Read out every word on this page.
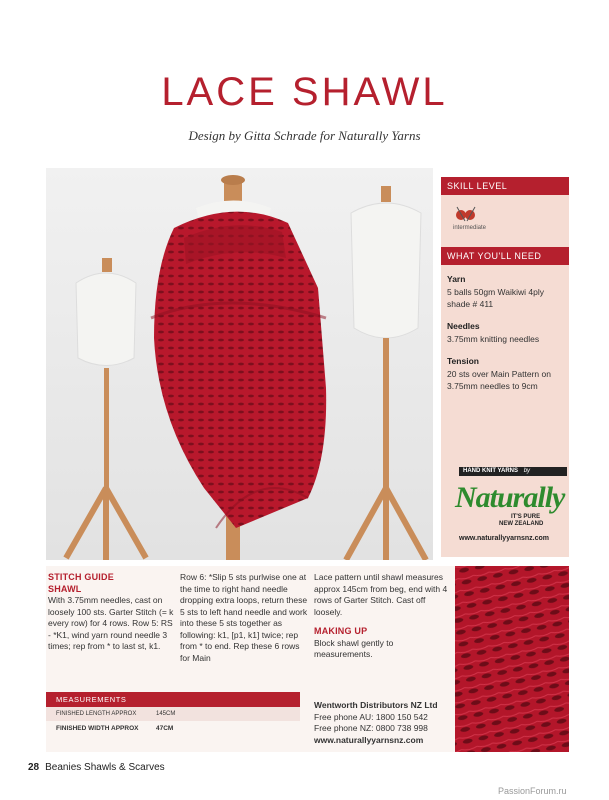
LACE SHAWL
Design by Gitta Schrade for Naturally Yarns
SKILL LEVEL
intermediate
WHAT YOU'LL NEED
Yarn
5 balls 50gm Waikiwi 4ply shade # 411
Needles
3.75mm knitting needles
Tension
20 sts over Main Pattern on 3.75mm needles to 9cm
HAND KNIT YARNS by
Naturally
IT'S PURE
NEW ZEALAND
www.naturallyyarnsnz.com
STITCH GUIDE
SHAWL
With 3.75mm needles, cast on loosely 100 sts. Garter Stitch (= k every row) for 4 rows. Row 5: RS - *K1, wind yarn round needle 3 times; rep from * to last st, k1.
Row 6: *Slip 5 sts purlwise one at the time to right hand needle dropping extra loops, return these 5 sts to left hand needle and work into these 5 sts together as following: k1, [p1, k1] twice; rep from * to end. Rep these 6 rows for Main
Lace pattern until shawl measures approx 145cm from beg, end with 4 rows of Garter Stitch. Cast off loosely.
MAKING UP
Block shawl gently to measurements.
MEASUREMENTS
FINISHED LENGTH APPROX	145CM
FINISHED WIDTH APPROX	47CM
Wentworth Distributors NZ Ltd
Free phone AU: 1800 150 542
Free phone NZ: 0800 738 998
www.naturallyyarnsnz.com
28 Beanies Shawls & Scarves
PassionForum.ru
